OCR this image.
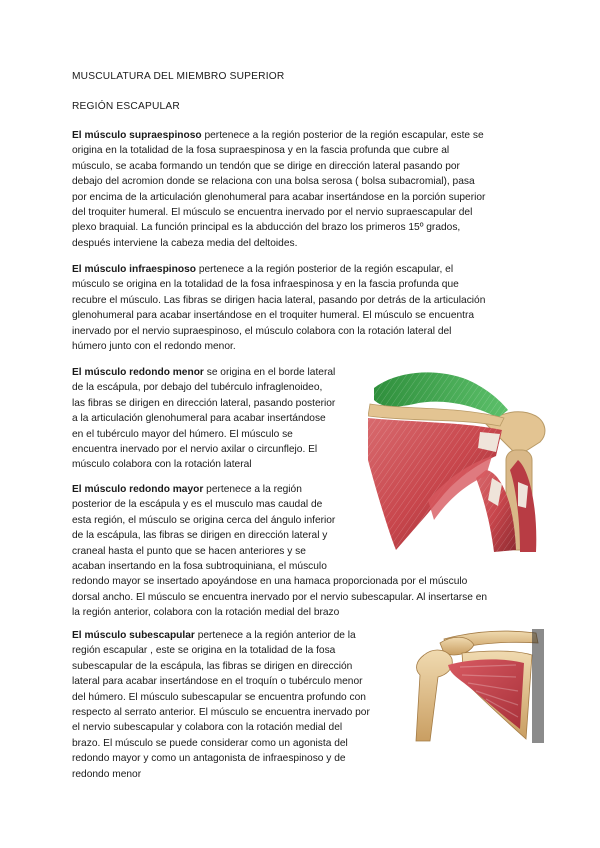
MUSCULATURA DEL MIEMBRO SUPERIOR
REGIÓN ESCAPULAR

El músculo supraespinoso pertenece a la región posterior de la región escapular, este se
origina en la totalidad de la fosa supraespinosa y en la fascia profunda que cubre al
músculo, se acaba formando un tendón que se dirige en dirección lateral pasando por
debajo del acromion donde se relaciona con una bolsa serosa ( bolsa subacromial), pasa
por encima de la articulación glenohumeral para acabar insertándose en la porción superior
del troquiter humeral. El músculo se encuentra inervado por el nervio supraescapular del
plexo braquial. La función principal es la abducción del brazo los primeros 15º grados,
después interviene la cabeza media del deltoides.

El músculo infraespinoso pertenece a la región posterior de la región escapular, el
músculo se origina en la totalidad de la fosa infraespinosa y en la fascia profunda que
recubre el músculo. Las fibras se dirigen hacia lateral, pasando por detrás de la articulación
glenohumeral para acabar insertándose en el troquiter humeral. El músculo se encuentra
inervado por el nervio supraespinoso, el músculo colabora con la rotación lateral del
húmero junto con el redondo menor.

El músculo redondo menor se origina en el borde lateral
de la escápula, por debajo del tubérculo infraglenoideo,
las fibras se dirigen en dirección lateral, pasando posterior
a la articulación glenohumeral para acabar insertándose
en el tubérculo mayor del húmero. El músculo se
encuentra inervado por el nervio axilar o circunflejo. El
músculo colabora con la rotación lateral

El músculo redondo mayor pertenece a la región
posterior de la escápula y es el musculo mas caudal de
esta región, el músculo se origina cerca del ángulo inferior
de la escápula, las fibras se dirigen en dirección lateral y
craneal hasta el punto que se hacen anteriores y se
acaban insertando en la fosa subtroquiniana, el músculo
redondo mayor se insertado apoyándose en una hamaca proporcionada por el músculo
dorsal ancho. El músculo se encuentra inervado por el nervio subescapular. Al insertarse en
la región anterior, colabora con la rotación medial del brazo

El músculo subescapular pertenece a la región anterior de la
región escapular , este se origina en la totalidad de la fosa
subescapular de la escápula, las fibras se dirigen en dirección
lateral para acabar insertándose en el troquín o tubérculo menor
del húmero. El músculo subescapular se encuentra profundo con
respecto al serrato anterior. El músculo se encuentra inervado por
el nervio subescapular y colabora con la rotación medial del
brazo. El músculo se puede considerar como un agonista del
redondo mayor y como un antagonista de infraespinoso y de
redondo menor
